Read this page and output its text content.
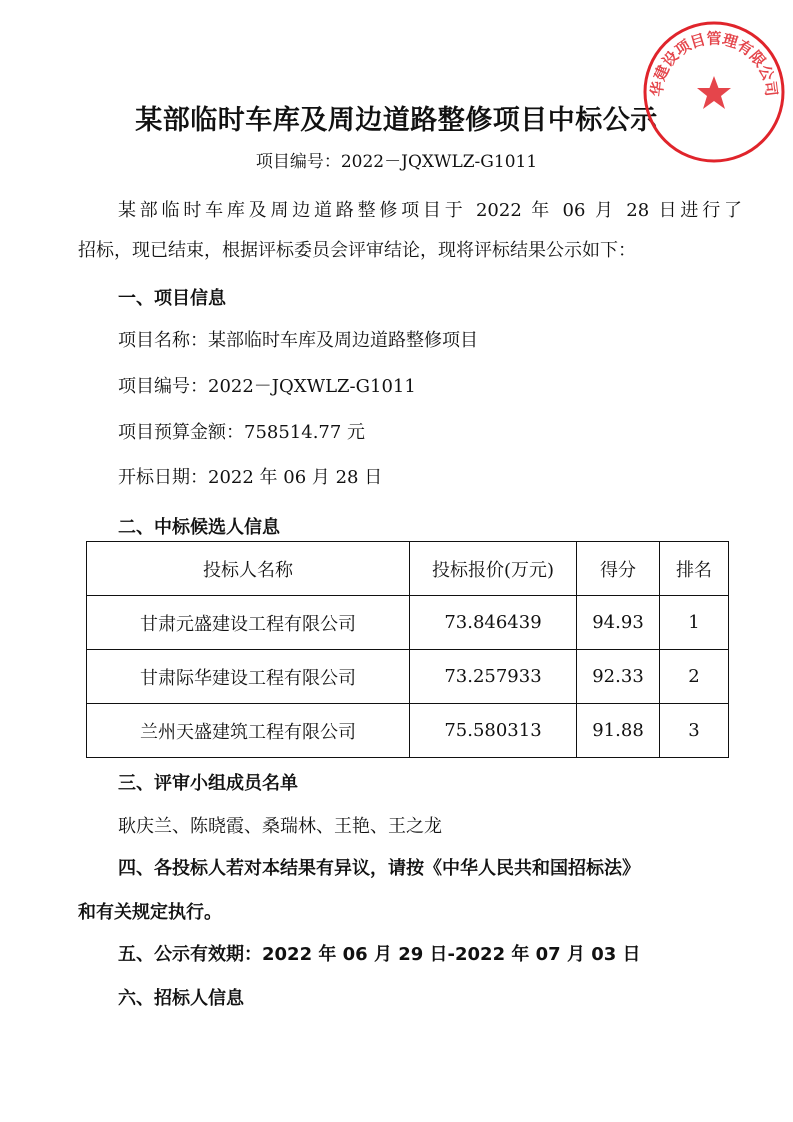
某部临时车库及周边道路整修项目中标公示
项目编号：2022－JQXWLZ-G1011
某部临时车库及周边道路整修项目于 2022 年 06 月 28 日进行了
招标，现已结束，根据评标委员会评审结论，现将评标结果公示如下：
一、项目信息
项目名称：某部临时车库及周边道路整修项目
项目编号：2022－JQXWLZ-G1011
项目预算金额：758514.77 元
开标日期：2022 年 06 月 28 日
二、中标候选人信息
投标人名称	投标报价(万元)	得分	排名
甘肃元盛建设工程有限公司	73.846439	94.93	1
甘肃际华建设工程有限公司	73.257933	92.33	2
兰州天盛建筑工程有限公司	75.580313	91.88	3
三、评审小组成员名单
耿庆兰、陈晓霞、桑瑞林、王艳、王之龙
四、各投标人若对本结果有异议，请按《中华人民共和国招标法》
和有关规定执行。
五、公示有效期：2022 年 06 月 29 日-2022 年 07 月 03 日
六、招标人信息
华建设项目管理有限公司
